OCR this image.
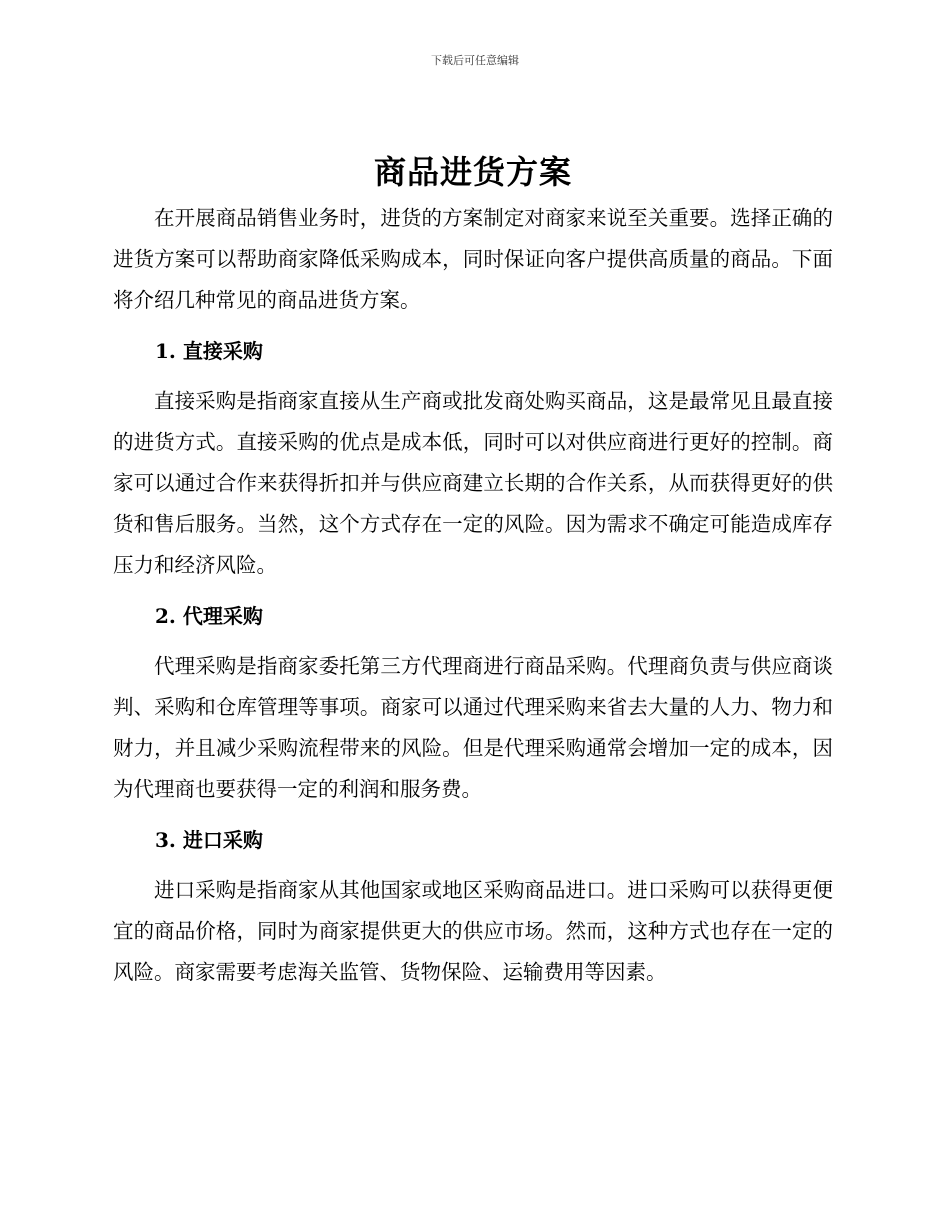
下载后可任意编辑
商品进货方案

在开展商品销售业务时，进货的方案制定对商家来说至关重要。选择正确的进货方案可以帮助商家降低采购成本，同时保证向客户提供高质量的商品。下面将介绍几种常见的商品进货方案。

1. 直接采购

直接采购是指商家直接从生产商或批发商处购买商品，这是最常见且最直接的进货方式。直接采购的优点是成本低，同时可以对供应商进行更好的控制。商家可以通过合作来获得折扣并与供应商建立长期的合作关系，从而获得更好的供货和售后服务。当然，这个方式存在一定的风险。因为需求不确定可能造成库存压力和经济风险。

2. 代理采购

代理采购是指商家委托第三方代理商进行商品采购。代理商负责与供应商谈判、采购和仓库管理等事项。商家可以通过代理采购来省去大量的人力、物力和财力，并且减少采购流程带来的风险。但是代理采购通常会增加一定的成本，因为代理商也要获得一定的利润和服务费。

3. 进口采购

进口采购是指商家从其他国家或地区采购商品进口。进口采购可以获得更便宜的商品价格，同时为商家提供更大的供应市场。然而，这种方式也存在一定的风险。商家需要考虑海关监管、货物保险、运输费用等因素。
